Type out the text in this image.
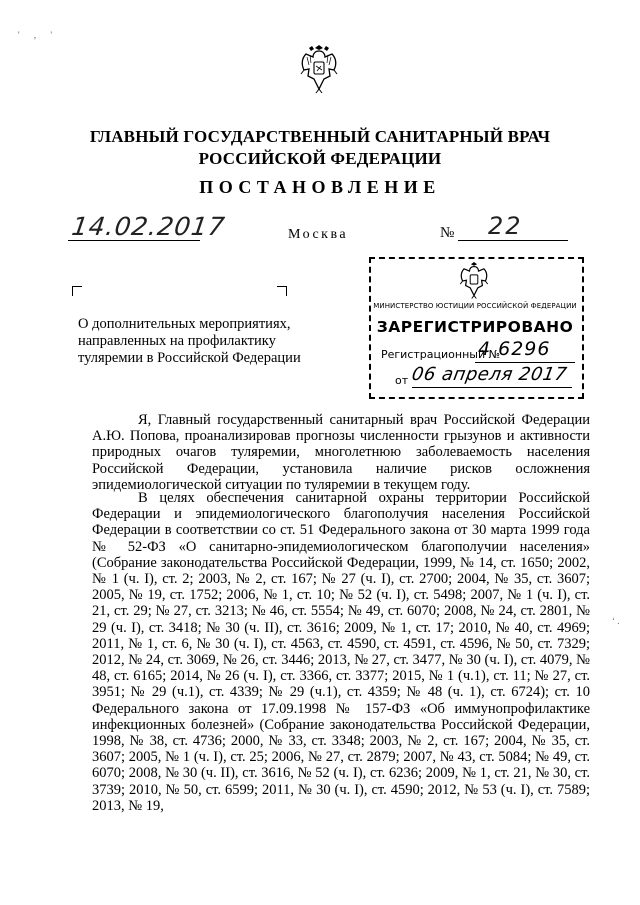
' , '
ГЛАВНЫЙ ГОСУДАРСТВЕННЫЙ САНИТАРНЫЙ ВРАЧ
РОССИЙСКОЙ ФЕДЕРАЦИИ
ПОСТАНОВЛЕНИЕ
14.02.2017	Москва	№ 22
О дополнительных мероприятиях, направленных на профилактику туляремии в Российской Федерации
МИНИСТЕРСТВО ЮСТИЦИИ РОССИЙСКОЙ ФЕДЕРАЦИИ
ЗАРЕГИСТРИРОВАНО
Регистрационный №
4 6296
от 06 апреля 2017
Я, Главный государственный санитарный врач Российской Федерации А.Ю. Попова, проанализировав прогнозы численности грызунов и активности природных очагов туляремии, многолетнюю заболеваемость населения Российской Федерации, установила наличие рисков осложнения эпидемиологической ситуации по туляремии в текущем году.
В целях обеспечения санитарной охраны территории Российской Федерации и эпидемиологического благополучия населения Российской Федерации в соответствии со ст. 51 Федерального закона от 30 марта 1999 года № 52-ФЗ «О санитарно-эпидемиологическом благополучии населения» (Собрание законодательства Российской Федерации, 1999, № 14, ст. 1650; 2002, № 1 (ч. I), ст. 2; 2003, № 2, ст. 167; № 27 (ч. I), ст. 2700; 2004, № 35, ст. 3607; 2005, № 19, ст. 1752; 2006, № 1, ст. 10; № 52 (ч. I), ст. 5498; 2007, № 1 (ч. I), ст. 21, ст. 29; № 27, ст. 3213; № 46, ст. 5554; № 49, ст. 6070; 2008, № 24, ст. 2801, № 29 (ч. I), ст. 3418; № 30 (ч. II), ст. 3616; 2009, № 1, ст. 17; 2010, № 40, ст. 4969; 2011, № 1, ст. 6, № 30 (ч. I), ст. 4563, ст. 4590, ст. 4591, ст. 4596, № 50, ст. 7329; 2012, № 24, ст. 3069, № 26, ст. 3446; 2013, № 27, ст. 3477, № 30 (ч. I), ст. 4079, № 48, ст. 6165; 2014, № 26 (ч. I), ст. 3366, ст. 3377; 2015, № 1 (ч.1), ст. 11; № 27, ст. 3951; № 29 (ч.1), ст. 4339; № 29 (ч.1), ст. 4359; № 48 (ч. 1), ст. 6724); ст. 10 Федерального закона от 17.09.1998 № 157-ФЗ «Об иммунопрофилактике инфекционных болезней» (Собрание законодательства Российской Федерации, 1998, № 38, ст. 4736; 2000, № 33, ст. 3348; 2003, № 2, ст. 167; 2004, № 35, ст. 3607; 2005, № 1 (ч. I), ст. 25; 2006, № 27, ст. 2879; 2007, № 43, ст. 5084; № 49, ст. 6070; 2008, № 30 (ч. II), ст. 3616, № 52 (ч. I), ст. 6236; 2009, № 1, ст. 21, № 30, ст. 3739; 2010, № 50, ст. 6599; 2011, № 30 (ч. I), ст. 4590; 2012, № 53 (ч. I), ст. 7589; 2013, № 19,
‘ .
